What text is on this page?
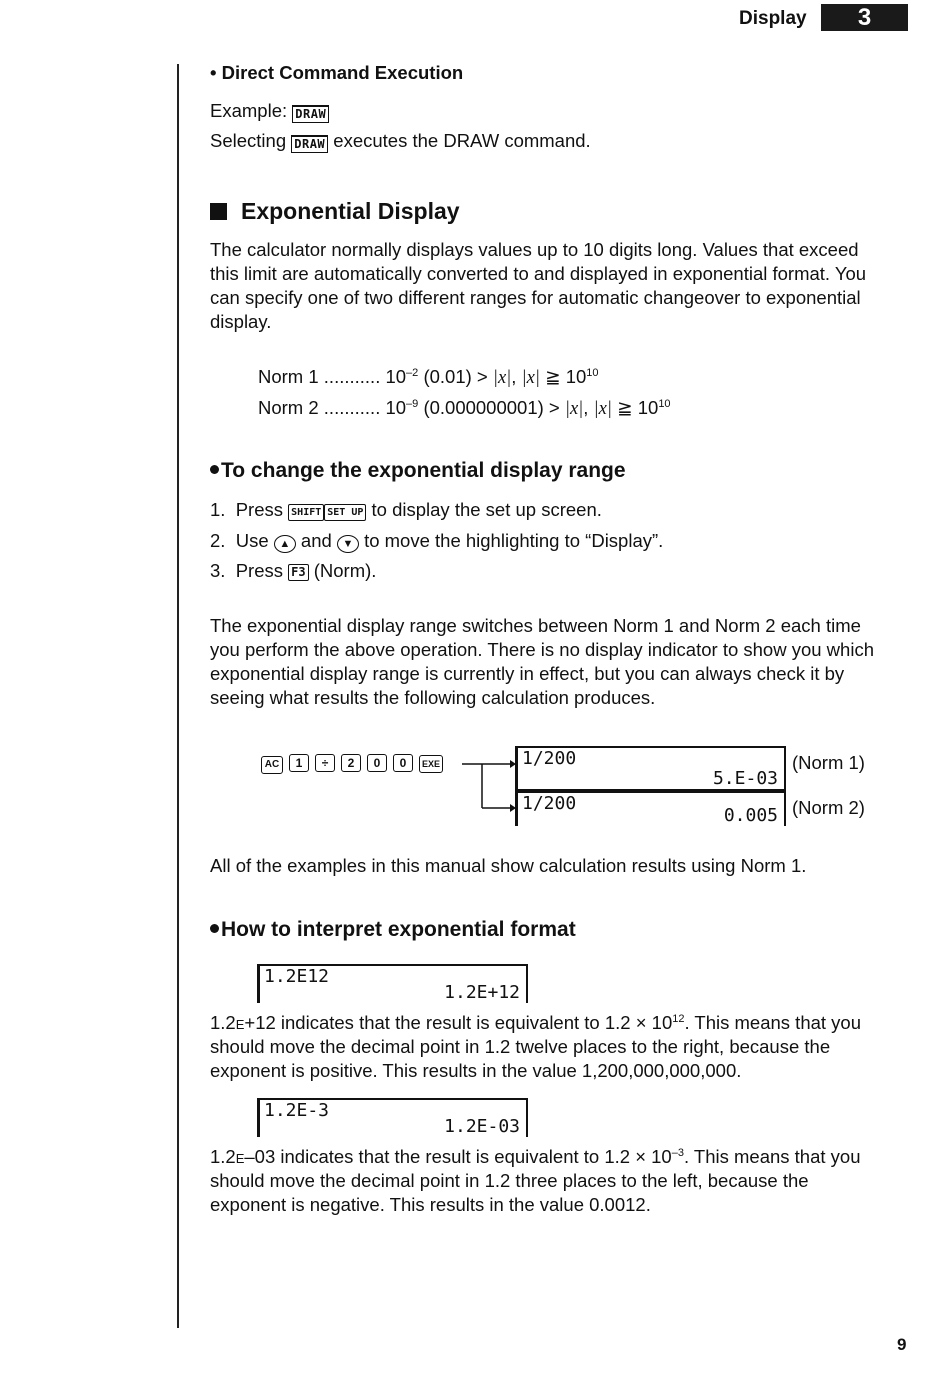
Display	3
• Direct Command Execution
Example: DRAW
Selecting DRAW executes the DRAW command.
Exponential Display
The calculator normally displays values up to 10 digits long. Values that exceed
this limit are automatically converted to and displayed in exponential format. You
can specify one of two different ranges for automatic changeover to exponential
display.
Norm 1 ........... $10^{-2}$ (0.01) > |x|, |x| ≧ $10^{10}$
Norm 2 ........... $10^{-9}$ (0.000000001) > |x|, |x| ≧ $10^{10}$
To change the exponential display range
1. Press SHIFT SET UP to display the set up screen.
2. Use ▲ and ▼ to move the highlighting to “Display”.
3. Press F3 (Norm).
The exponential display range switches between Norm 1 and Norm 2 each time
you perform the above operation. There is no display indicator to show you which
exponential display range is currently in effect, but you can always check it by
seeing what results the following calculation produces.
AC 1 ÷ 2 0 0 EXE	1/200
5.E-03
(Norm 1)
1/200
0.005 (Norm 2)
All of the examples in this manual show calculation results using Norm 1.
How to interpret exponential format
1.2E12
1.2E+12
1.2E+12 indicates that the result is equivalent to $1.2 \times 10^{12}$. This means that you
should move the decimal point in 1.2 twelve places to the right, because the
exponent is positive. This results in the value 1,200,000,000,000.
1.2E-3
1.2E-03
1.2E–03 indicates that the result is equivalent to $1.2 \times 10^{-3}$. This means that you
should move the decimal point in 1.2 three places to the left, because the
exponent is negative. This results in the value 0.0012.
9
